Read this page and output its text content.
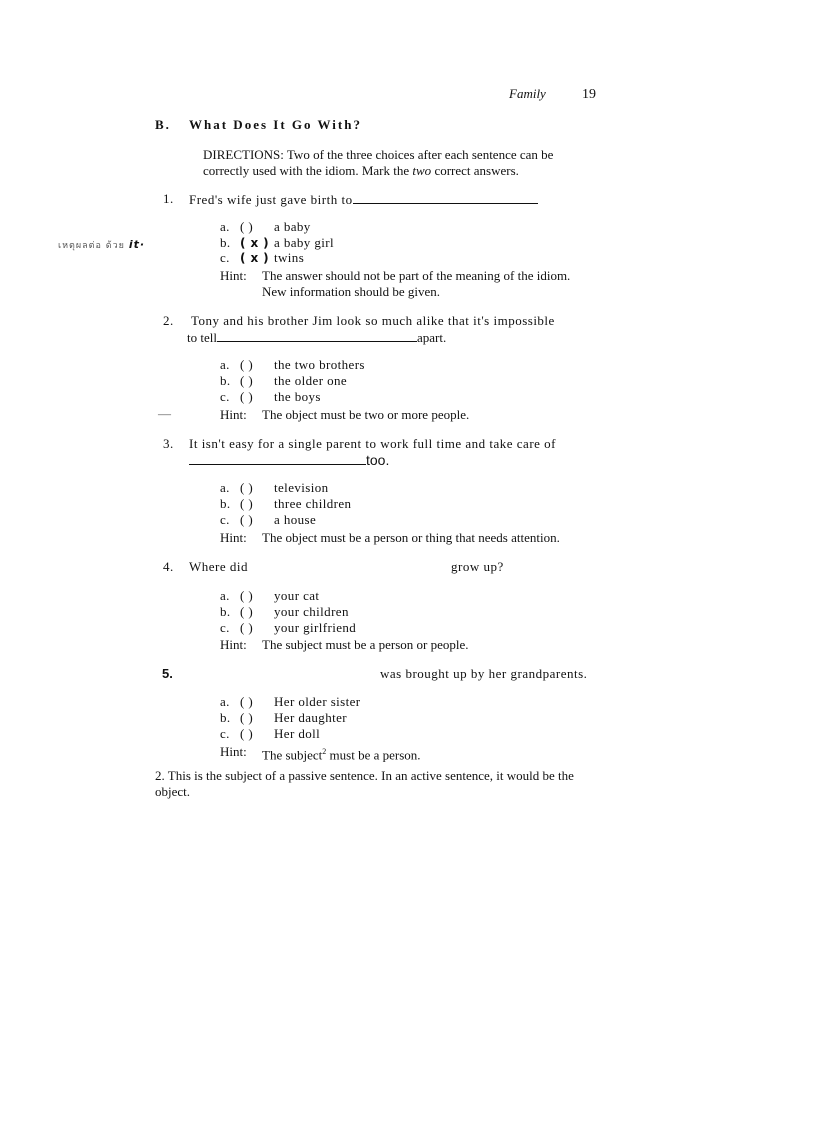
Family	19
B. What Does It Go With?
DIRECTIONS: Two of the three choices after each sentence can be correctly used with the idiom. Mark the two correct answers.
1. Fred's wife just gave birth to
a. ( ) a baby
b. ( x ) a baby girl
c. ( x ) twins
Hint: The answer should not be part of the meaning of the idiom. New information should be given.
เหตุผลต่อ ด้วย it·
2. Tony and his brother Jim look so much alike that it's impossible
to tell	apart.
a. ( ) the two brothers
b. ( ) the older one
c. ( ) the boys
—	Hint: The object must be two or more people.
3. It isn't easy for a single parent to work full time and take care of
too.
a. ( ) television
b. ( ) three children
c. ( ) a house
Hint: The object must be a person or thing that needs attention.
4. Where did	grow up?
a. ( ) your cat
b. ( ) your children
c. ( ) your girlfriend
Hint: The subject must be a person or people.
5.	was brought up by her grandparents.
a. ( ) Her older sister
b. ( ) Her daughter
c. ( ) Her doll
Hint: The subject$^2$ must be a person.
2. This is the subject of a passive sentence. In an active sentence, it would be the object.
